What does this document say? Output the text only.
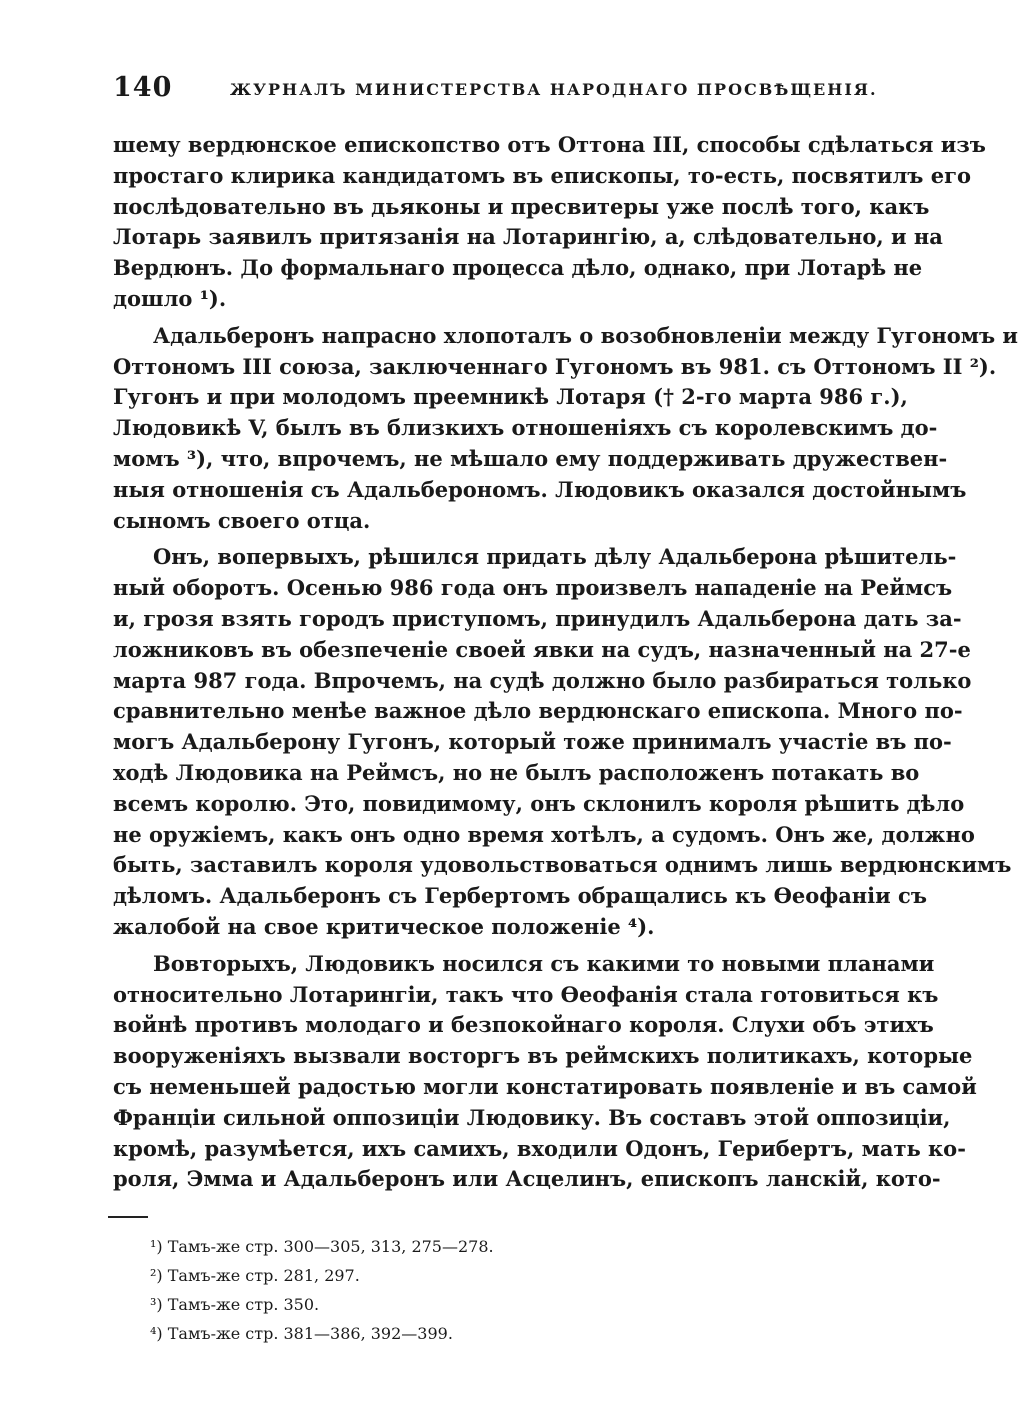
140	ЖУРНАЛЪ МИНИСТЕРСТВА НАРОДНАГО ПРОСВѢЩЕНІЯ.

шему вердюнское епископство отъ Оттона III, способы сдѣлаться изъ
простаго клирика кандидатомъ въ епископы, то-есть, посвятилъ его
послѣдовательно въ дьяконы и пресвитеры уже послѣ того, какъ
Лотарь заявилъ притязанія на Лотарингію, а, слѣдовательно, и на
Вердюнъ. До формальнаго процесса дѣло, однако, при Лотарѣ не
дошло ¹).

Адальберонъ напрасно хлопоталъ о возобновленіи между Гугономъ и
Оттономъ III союза, заключеннаго Гугономъ въ 981. съ Оттономъ II ²).
Гугонъ и при молодомъ преемникѣ Лотаря († 2-го марта 986 г.),
Людовикѣ V, былъ въ близкихъ отношеніяхъ съ королевскимъ до-
момъ ³), что, впрочемъ, не мѣшало ему поддерживать дружествен-
ныя отношенія съ Адальберономъ. Людовикъ оказался достойнымъ
сыномъ своего отца.

Онъ, вопервыхъ, рѣшился придать дѣлу Адальберона рѣшитель-
ный оборотъ. Осенью 986 года онъ произвелъ нападеніе на Реймсъ
и, грозя взять городъ приступомъ, принудилъ Адальберона дать за-
ложниковъ въ обезпеченіе своей явки на судъ, назначенный на 27-е
марта 987 года. Впрочемъ, на судѣ должно было разбираться только
сравнительно менѣе важное дѣло вердюнскаго епископа. Много по-
могъ Адальберону Гугонъ, который тоже принималъ участіе въ по-
ходѣ Людовика на Реймсъ, но не былъ расположенъ потакать во
всемъ королю. Это, повидимому, онъ склонилъ короля рѣшить дѣло
не оружіемъ, какъ онъ одно время хотѣлъ, а судомъ. Онъ же, должно
быть, заставилъ короля удовольствоваться однимъ лишь вердюнскимъ
дѣломъ. Адальберонъ съ Гербертомъ обращались къ Ѳеофаніи съ
жалобой на свое критическое положеніе ⁴).

Вовторыхъ, Людовикъ носился съ какими то новыми планами
относительно Лотарингіи, такъ что Ѳеофанія стала готовиться къ
войнѣ противъ молодаго и безпокойнаго короля. Слухи объ этихъ
вооруженіяхъ вызвали восторгъ въ реймскихъ политикахъ, которые
съ неменьшей радостью могли констатировать появленіе и въ самой
Франціи сильной оппозиціи Людовику. Въ составъ этой оппозиціи,
кромѣ, разумѣется, ихъ самихъ, входили Одонъ, Герибертъ, мать ко-
роля, Эмма и Адальберонъ или Асцелинъ, епископъ ланскій, кото-

¹) Тамъ-же стр. 300—305, 313, 275—278.
²) Тамъ-же стр. 281, 297.
³) Тамъ-же стр. 350.
⁴) Тамъ-же стр. 381—386, 392—399.
